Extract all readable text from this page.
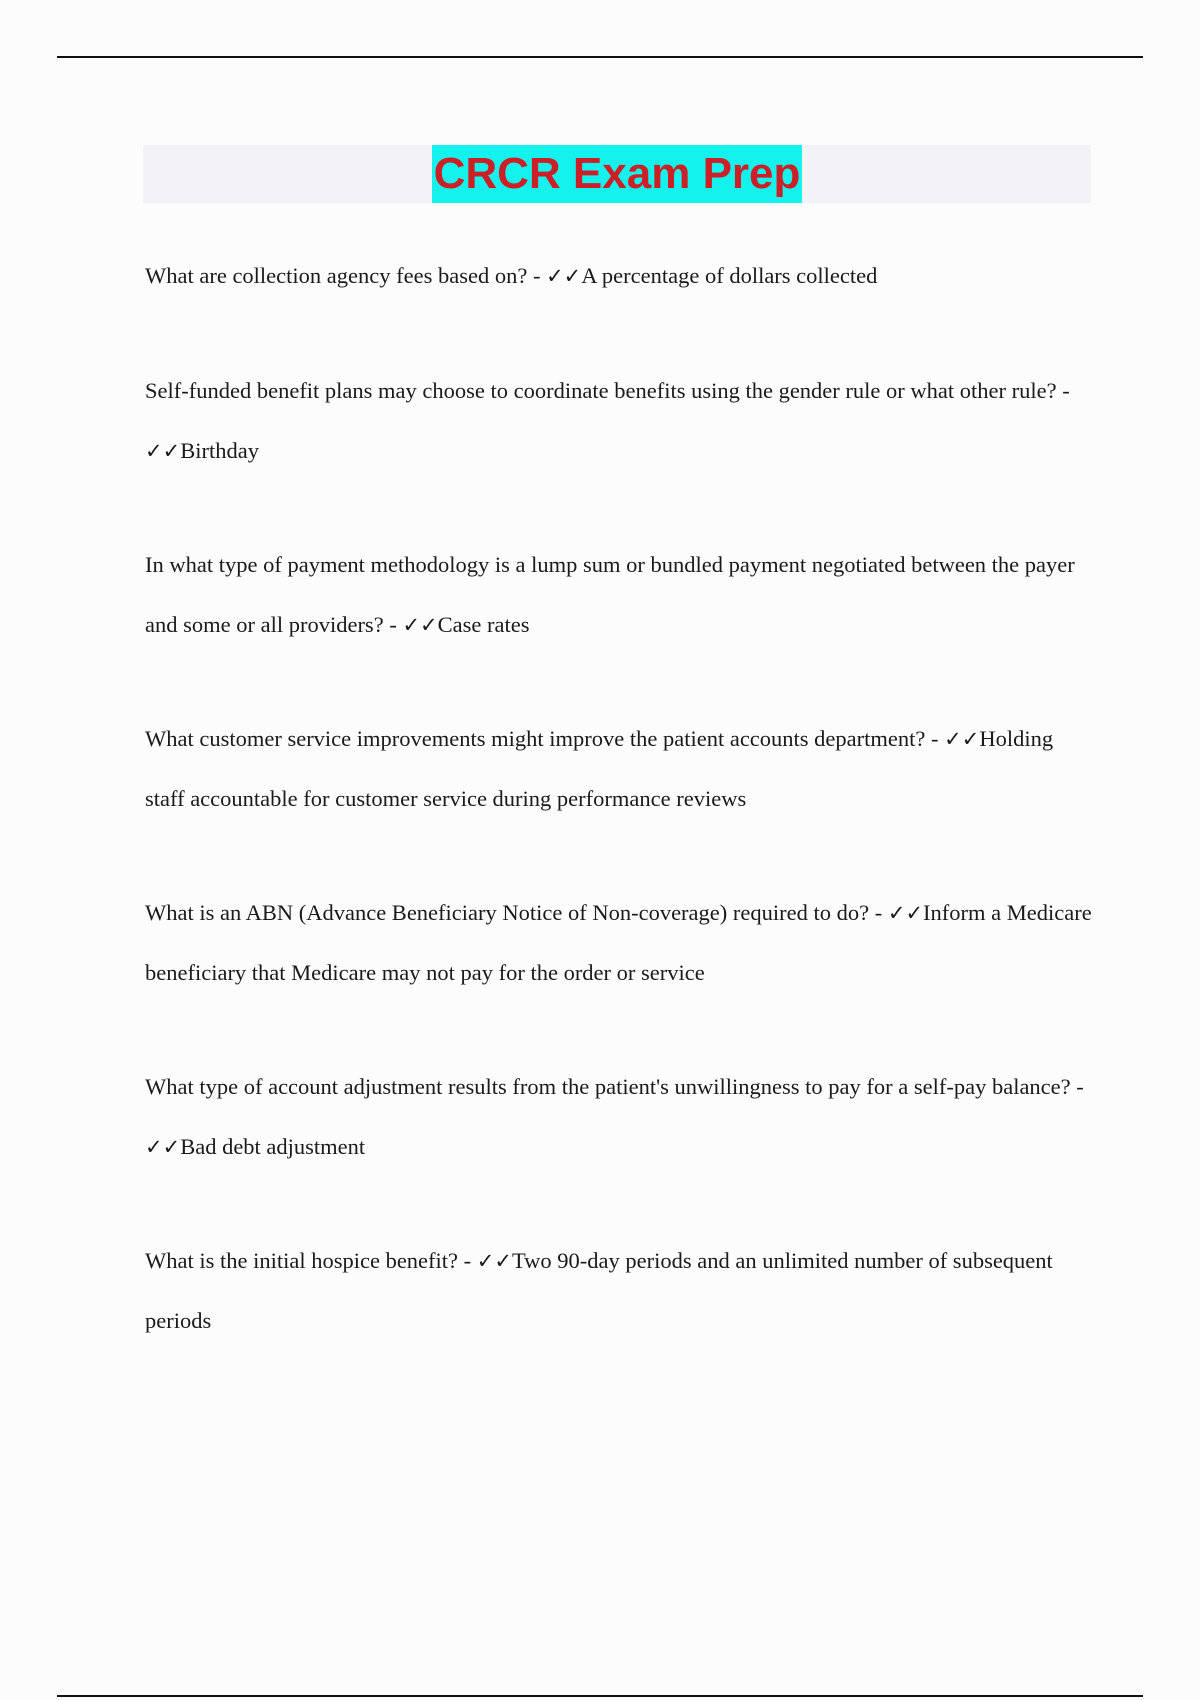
CRCR Exam Prep
What are collection agency fees based on? - ✓✓A percentage of dollars collected
Self-funded benefit plans may choose to coordinate benefits using the gender rule or what other rule? - ✓✓Birthday
In what type of payment methodology is a lump sum or bundled payment negotiated between the payer and some or all providers? - ✓✓Case rates
What customer service improvements might improve the patient accounts department? - ✓✓Holding staff accountable for customer service during performance reviews
What is an ABN (Advance Beneficiary Notice of Non-coverage) required to do? - ✓✓Inform a Medicare beneficiary that Medicare may not pay for the order or service
What type of account adjustment results from the patient's unwillingness to pay for a self-pay balance? - ✓✓Bad debt adjustment
What is the initial hospice benefit? - ✓✓Two 90-day periods and an unlimited number of subsequent periods
